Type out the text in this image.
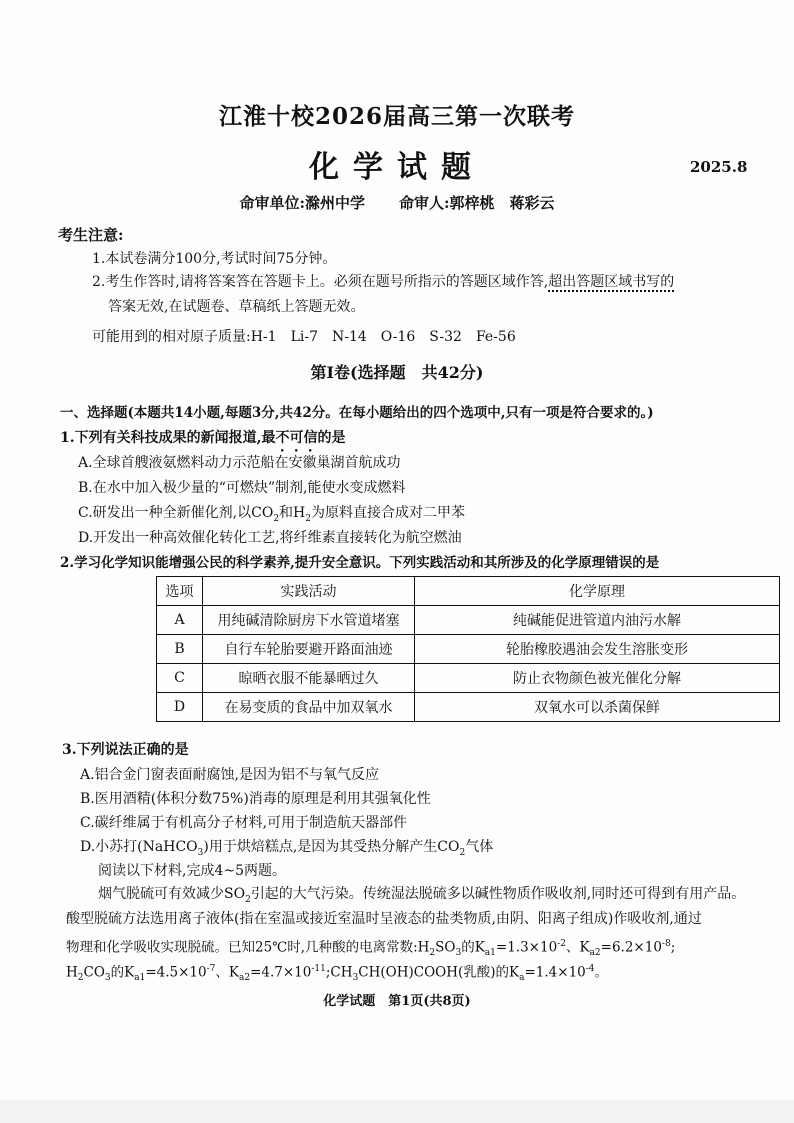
江淮十校2026届高三第一次联考
化学试题	2025.8
命审单位:滁州中学 命审人:郭梓桃　蒋彩云
考生注意:
1.本试卷满分100分,考试时间75分钟。
2.考生作答时,请将答案答在答题卡上。必须在题号所指示的答题区域作答,超出答题区域书写的
答案无效,在试题卷、草稿纸上答题无效。
可能用到的相对原子质量:H-1　Li-7　N-14　O-16　S-32　Fe-56
第Ⅰ卷(选择题　共42分)
一、选择题(本题共14小题,每题3分,共42分。在每小题给出的四个选项中,只有一项是符合要求的。)
1.下列有关科技成果的新闻报道,最不可信的是
A.全球首艘液氨燃料动力示范船在安徽巢湖首航成功
B.在水中加入极少量的“可燃炔”制剂,能使水变成燃料
C.研发出一种全新催化剂,以$CO_2$和$H_2$为原料直接合成对二甲苯
D.开发出一种高效催化转化工艺,将纤维素直接转化为航空燃油
2.学习化学知识能增强公民的科学素养,提升安全意识。下列实践活动和其所涉及的化学原理错误的是
选项	实践活动	化学原理
A	用纯碱清除厨房下水管道堵塞	纯碱能促进管道内油污水解
B	自行车轮胎要避开路面油迹	轮胎橡胶遇油会发生溶胀变形
C	晾晒衣服不能暴晒过久	防止衣物颜色被光催化分解
D	在易变质的食品中加双氧水	双氧水可以杀菌保鲜
3.下列说法正确的是
A.铝合金门窗表面耐腐蚀,是因为铝不与氧气反应
B.医用酒精(体积分数75%)消毒的原理是利用其强氧化性
C.碳纤维属于有机高分子材料,可用于制造航天器部件
D.小苏打(NaHCO$_3$)用于烘焙糕点,是因为其受热分解产生$CO_2$气体
阅读以下材料,完成4~5两题。
烟气脱硫可有效减少$SO_2$引起的大气污染。传统湿法脱硫多以碱性物质作吸收剂,同时还可得到有用产品。
酸型脱硫方法选用离子液体(指在室温或接近室温时呈液态的盐类物质,由阴、阳离子组成)作吸收剂,通过
物理和化学吸收实现脱硫。已知25℃时,几种酸的电离常数$:H_2SO_3$的$K_{a1}=1.3\times 10^{-2}$、$K_{a2}=6.2\times 10^{-8}$;
$H_2CO_3$的$K_{a1}=4.5\times 10^{-7}$、$K_{a2}=4.7\times 10^{-11};CH_3CH(OH)COOH$(乳酸)的$K_a=1.4\times 10^{-4}$。
化学试题　第1页(共8页)
